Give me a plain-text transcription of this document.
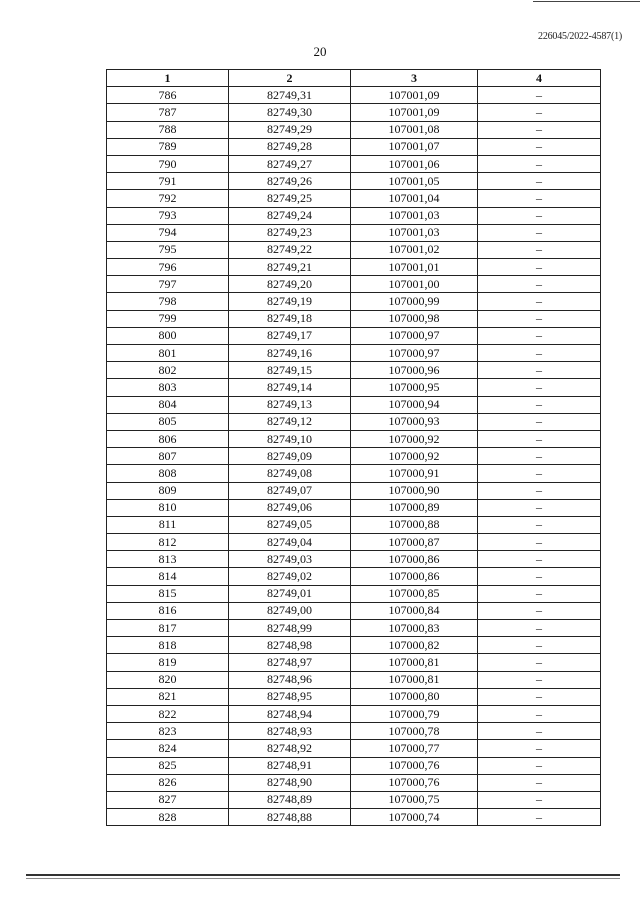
226045/2022-4587(1)
20
1	2	3	4
786	82749,31	107001,09	–
787	82749,30	107001,09	–
788	82749,29	107001,08	–
789	82749,28	107001,07	–
790	82749,27	107001,06	–
791	82749,26	107001,05	–
792	82749,25	107001,04	–
793	82749,24	107001,03	–
794	82749,23	107001,03	–
795	82749,22	107001,02	–
796	82749,21	107001,01	–
797	82749,20	107001,00	–
798	82749,19	107000,99	–
799	82749,18	107000,98	–
800	82749,17	107000,97	–
801	82749,16	107000,97	–
802	82749,15	107000,96	–
803	82749,14	107000,95	–
804	82749,13	107000,94	–
805	82749,12	107000,93	–
806	82749,10	107000,92	–
807	82749,09	107000,92	–
808	82749,08	107000,91	–
809	82749,07	107000,90	–
810	82749,06	107000,89	–
811	82749,05	107000,88	–
812	82749,04	107000,87	–
813	82749,03	107000,86	–
814	82749,02	107000,86	–
815	82749,01	107000,85	–
816	82749,00	107000,84	–
817	82748,99	107000,83	–
818	82748,98	107000,82	–
819	82748,97	107000,81	–
820	82748,96	107000,81	–
821	82748,95	107000,80	–
822	82748,94	107000,79	–
823	82748,93	107000,78	–
824	82748,92	107000,77	–
825	82748,91	107000,76	–
826	82748,90	107000,76	–
827	82748,89	107000,75	–
828	82748,88	107000,74	–
